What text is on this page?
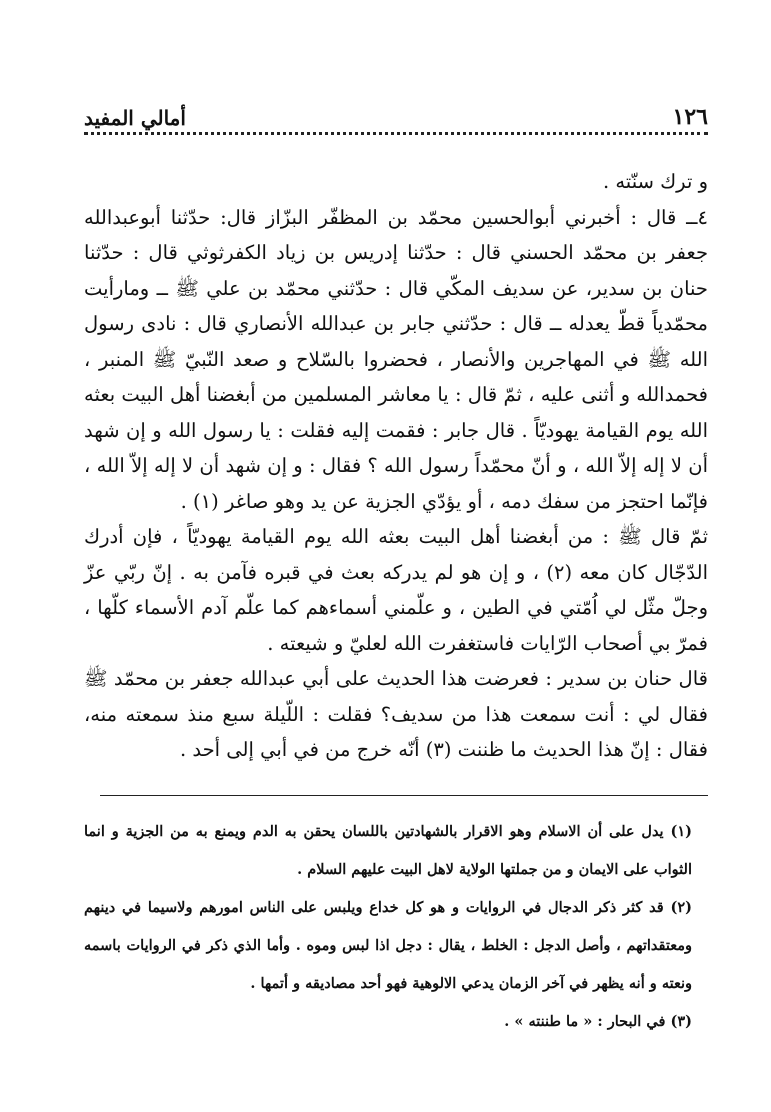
١٢٦
أمالي المفيد

و ترك سنّته .

٤ــ قال : أخبرني أبوالحسين محمّد بن المظفّر البزّاز قال: حدّثنا أبوعبدالله جعفر بن محمّد الحسني قال : حدّثنا إدريس بن زياد الكفرثوثي قال : حدّثنا حنان بن سدير، عن سديف المكّي قال : حدّثني محمّد بن علي ﷺ ــ ومارأيت محمّدياً قطّ يعدله ــ قال : حدّثني جابر بن عبدالله الأنصاري قال : نادى رسول الله ﷺ في المهاجرين والأنصار ، فحضروا بالسّلاح و صعد النّبيّ ﷺ المنبر ، فحمدالله و أثنى عليه ، ثمّ قال : يا معاشر المسلمين من أبغضنا أهل البيت بعثه الله يوم القيامة يهوديّاً . قال جابر : فقمت إليه فقلت : يا رسول الله و إن شهد أن لا إله إلاّ الله ، و أنّ محمّداً رسول الله ؟ فقال : و إن شهد أن لا إله إلاّ الله ، فإنّما احتجز من سفك دمه ، أو يؤدّي الجزية عن يد وهو صاغر (١) .

ثمّ قال ﷺ : من أبغضنا أهل البيت بعثه الله يوم القيامة يهوديّاً ، فإن أدرك الدّجّال كان معه (٢) ، و إن هو لم يدركه بعث في قبره فآمن به . إنّ ربّي عزّ وجلّ مثّل لي اُمّتي في الطين ، و علّمني أسماءهم كما علّم آدم الأسماء كلّها ، فمرّ بي أصحاب الرّايات فاستغفرت الله لعليّ و شيعته .

قال حنان بن سدير : فعرضت هذا الحديث على أبي عبدالله جعفر بن محمّد ﷺ فقال لي : أنت سمعت هذا من سديف؟ فقلت : اللّيلة سبع منذ سمعته منه، فقال : إنّ هذا الحديث ما ظننت (٣) أنّه خرج من في أبي إلى أحد .

(١) يدل على أن الاسلام وهو الاقرار بالشهادتين باللسان يحقن به الدم ويمنع به من الجزية و انما الثواب على الايمان و من جملتها الولاية لاهل البيت عليهم السلام .

(٢) قد كثر ذكر الدجال في الروايات و هو كل خداع ويلبس على الناس امورهم ولاسيما في دينهم ومعتقداتهم ، وأصل الدجل : الخلط ، يقال : دجل اذا لبس وموه . وأما الذي ذكر في الروايات باسمه ونعته و أنه يظهر في آخر الزمان يدعي الالوهية فهو أحد مصاديقه و أتمها .

(٣) في البحار : « ما طننته » .
